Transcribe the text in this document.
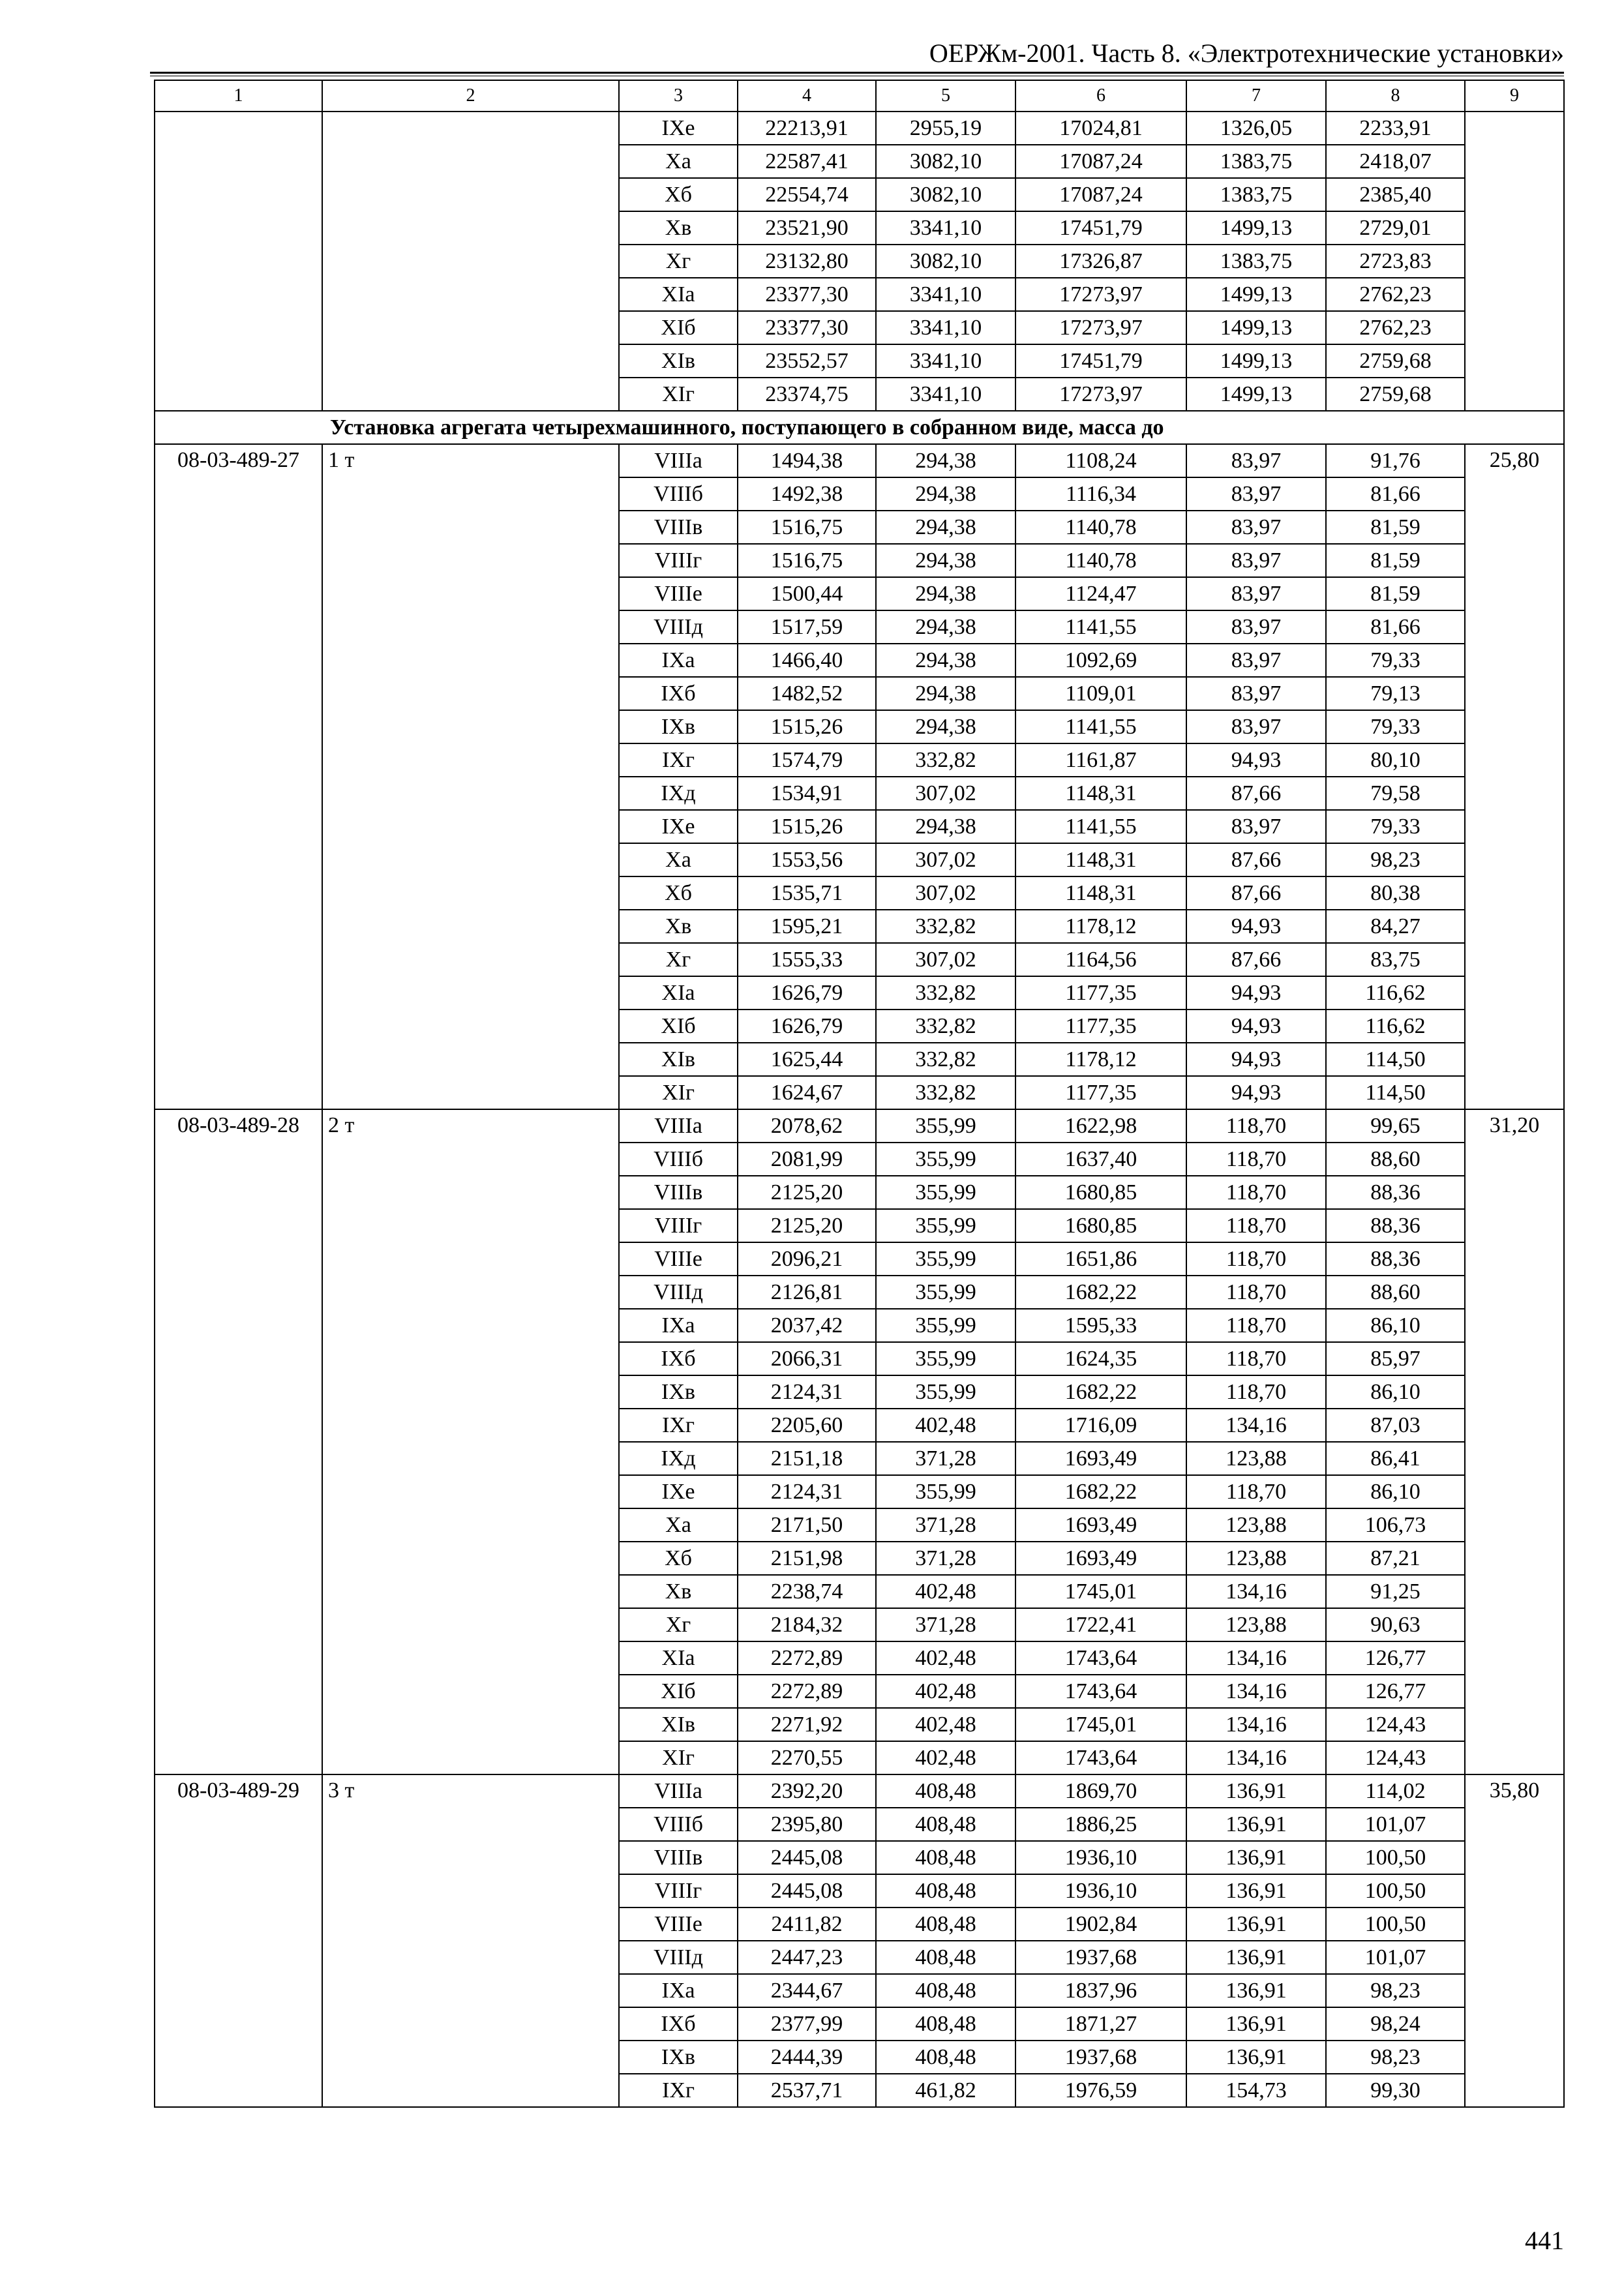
ОЕРЖм-2001. Часть 8. «Электротехнические установки»
1	2	3	4	5	6	7	8	9
		IXе	22213,91	2955,19	17024,81	1326,05	2233,91	
		Xа	22587,41	3082,10	17087,24	1383,75	2418,07	
		Xб	22554,74	3082,10	17087,24	1383,75	2385,40	
		Xв	23521,90	3341,10	17451,79	1499,13	2729,01	
		Xг	23132,80	3082,10	17326,87	1383,75	2723,83	
		XIа	23377,30	3341,10	17273,97	1499,13	2762,23	
		XIб	23377,30	3341,10	17273,97	1499,13	2762,23	
		XIв	23552,57	3341,10	17451,79	1499,13	2759,68	
		XIг	23374,75	3341,10	17273,97	1499,13	2759,68	
Установка агрегата четырехмашинного, поступающего в собранном виде, масса до								
08-03-489-27	1 т	VIIIа	1494,38	294,38	1108,24	83,97	91,76	25,80
		VIIIб	1492,38	294,38	1116,34	83,97	81,66	
		VIIIв	1516,75	294,38	1140,78	83,97	81,59	
		VIIIг	1516,75	294,38	1140,78	83,97	81,59	
		VIIIе	1500,44	294,38	1124,47	83,97	81,59	
		VIIIд	1517,59	294,38	1141,55	83,97	81,66	
		IXа	1466,40	294,38	1092,69	83,97	79,33	
		IXб	1482,52	294,38	1109,01	83,97	79,13	
		IXв	1515,26	294,38	1141,55	83,97	79,33	
		IXг	1574,79	332,82	1161,87	94,93	80,10	
		IXд	1534,91	307,02	1148,31	87,66	79,58	
		IXе	1515,26	294,38	1141,55	83,97	79,33	
		Xа	1553,56	307,02	1148,31	87,66	98,23	
		Xб	1535,71	307,02	1148,31	87,66	80,38	
		Xв	1595,21	332,82	1178,12	94,93	84,27	
		Xг	1555,33	307,02	1164,56	87,66	83,75	
		XIа	1626,79	332,82	1177,35	94,93	116,62	
		XIб	1626,79	332,82	1177,35	94,93	116,62	
		XIв	1625,44	332,82	1178,12	94,93	114,50	
		XIг	1624,67	332,82	1177,35	94,93	114,50	
08-03-489-28	2 т	VIIIа	2078,62	355,99	1622,98	118,70	99,65	31,20
		VIIIб	2081,99	355,99	1637,40	118,70	88,60	
		VIIIв	2125,20	355,99	1680,85	118,70	88,36	
		VIIIг	2125,20	355,99	1680,85	118,70	88,36	
		VIIIе	2096,21	355,99	1651,86	118,70	88,36	
		VIIIд	2126,81	355,99	1682,22	118,70	88,60	
		IXа	2037,42	355,99	1595,33	118,70	86,10	
		IXб	2066,31	355,99	1624,35	118,70	85,97	
		IXв	2124,31	355,99	1682,22	118,70	86,10	
		IXг	2205,60	402,48	1716,09	134,16	87,03	
		IXд	2151,18	371,28	1693,49	123,88	86,41	
		IXе	2124,31	355,99	1682,22	118,70	86,10	
		Xа	2171,50	371,28	1693,49	123,88	106,73	
		Xб	2151,98	371,28	1693,49	123,88	87,21	
		Xв	2238,74	402,48	1745,01	134,16	91,25	
		Xг	2184,32	371,28	1722,41	123,88	90,63	
		XIа	2272,89	402,48	1743,64	134,16	126,77	
		XIб	2272,89	402,48	1743,64	134,16	126,77	
		XIв	2271,92	402,48	1745,01	134,16	124,43	
		XIг	2270,55	402,48	1743,64	134,16	124,43	
08-03-489-29	3 т	VIIIа	2392,20	408,48	1869,70	136,91	114,02	35,80
		VIIIб	2395,80	408,48	1886,25	136,91	101,07	
		VIIIв	2445,08	408,48	1936,10	136,91	100,50	
		VIIIг	2445,08	408,48	1936,10	136,91	100,50	
		VIIIе	2411,82	408,48	1902,84	136,91	100,50	
		VIIIд	2447,23	408,48	1937,68	136,91	101,07	
		IXа	2344,67	408,48	1837,96	136,91	98,23	
		IXб	2377,99	408,48	1871,27	136,91	98,24	
		IXв	2444,39	408,48	1937,68	136,91	98,23	
		IXг	2537,71	461,82	1976,59	154,73	99,30	
441
